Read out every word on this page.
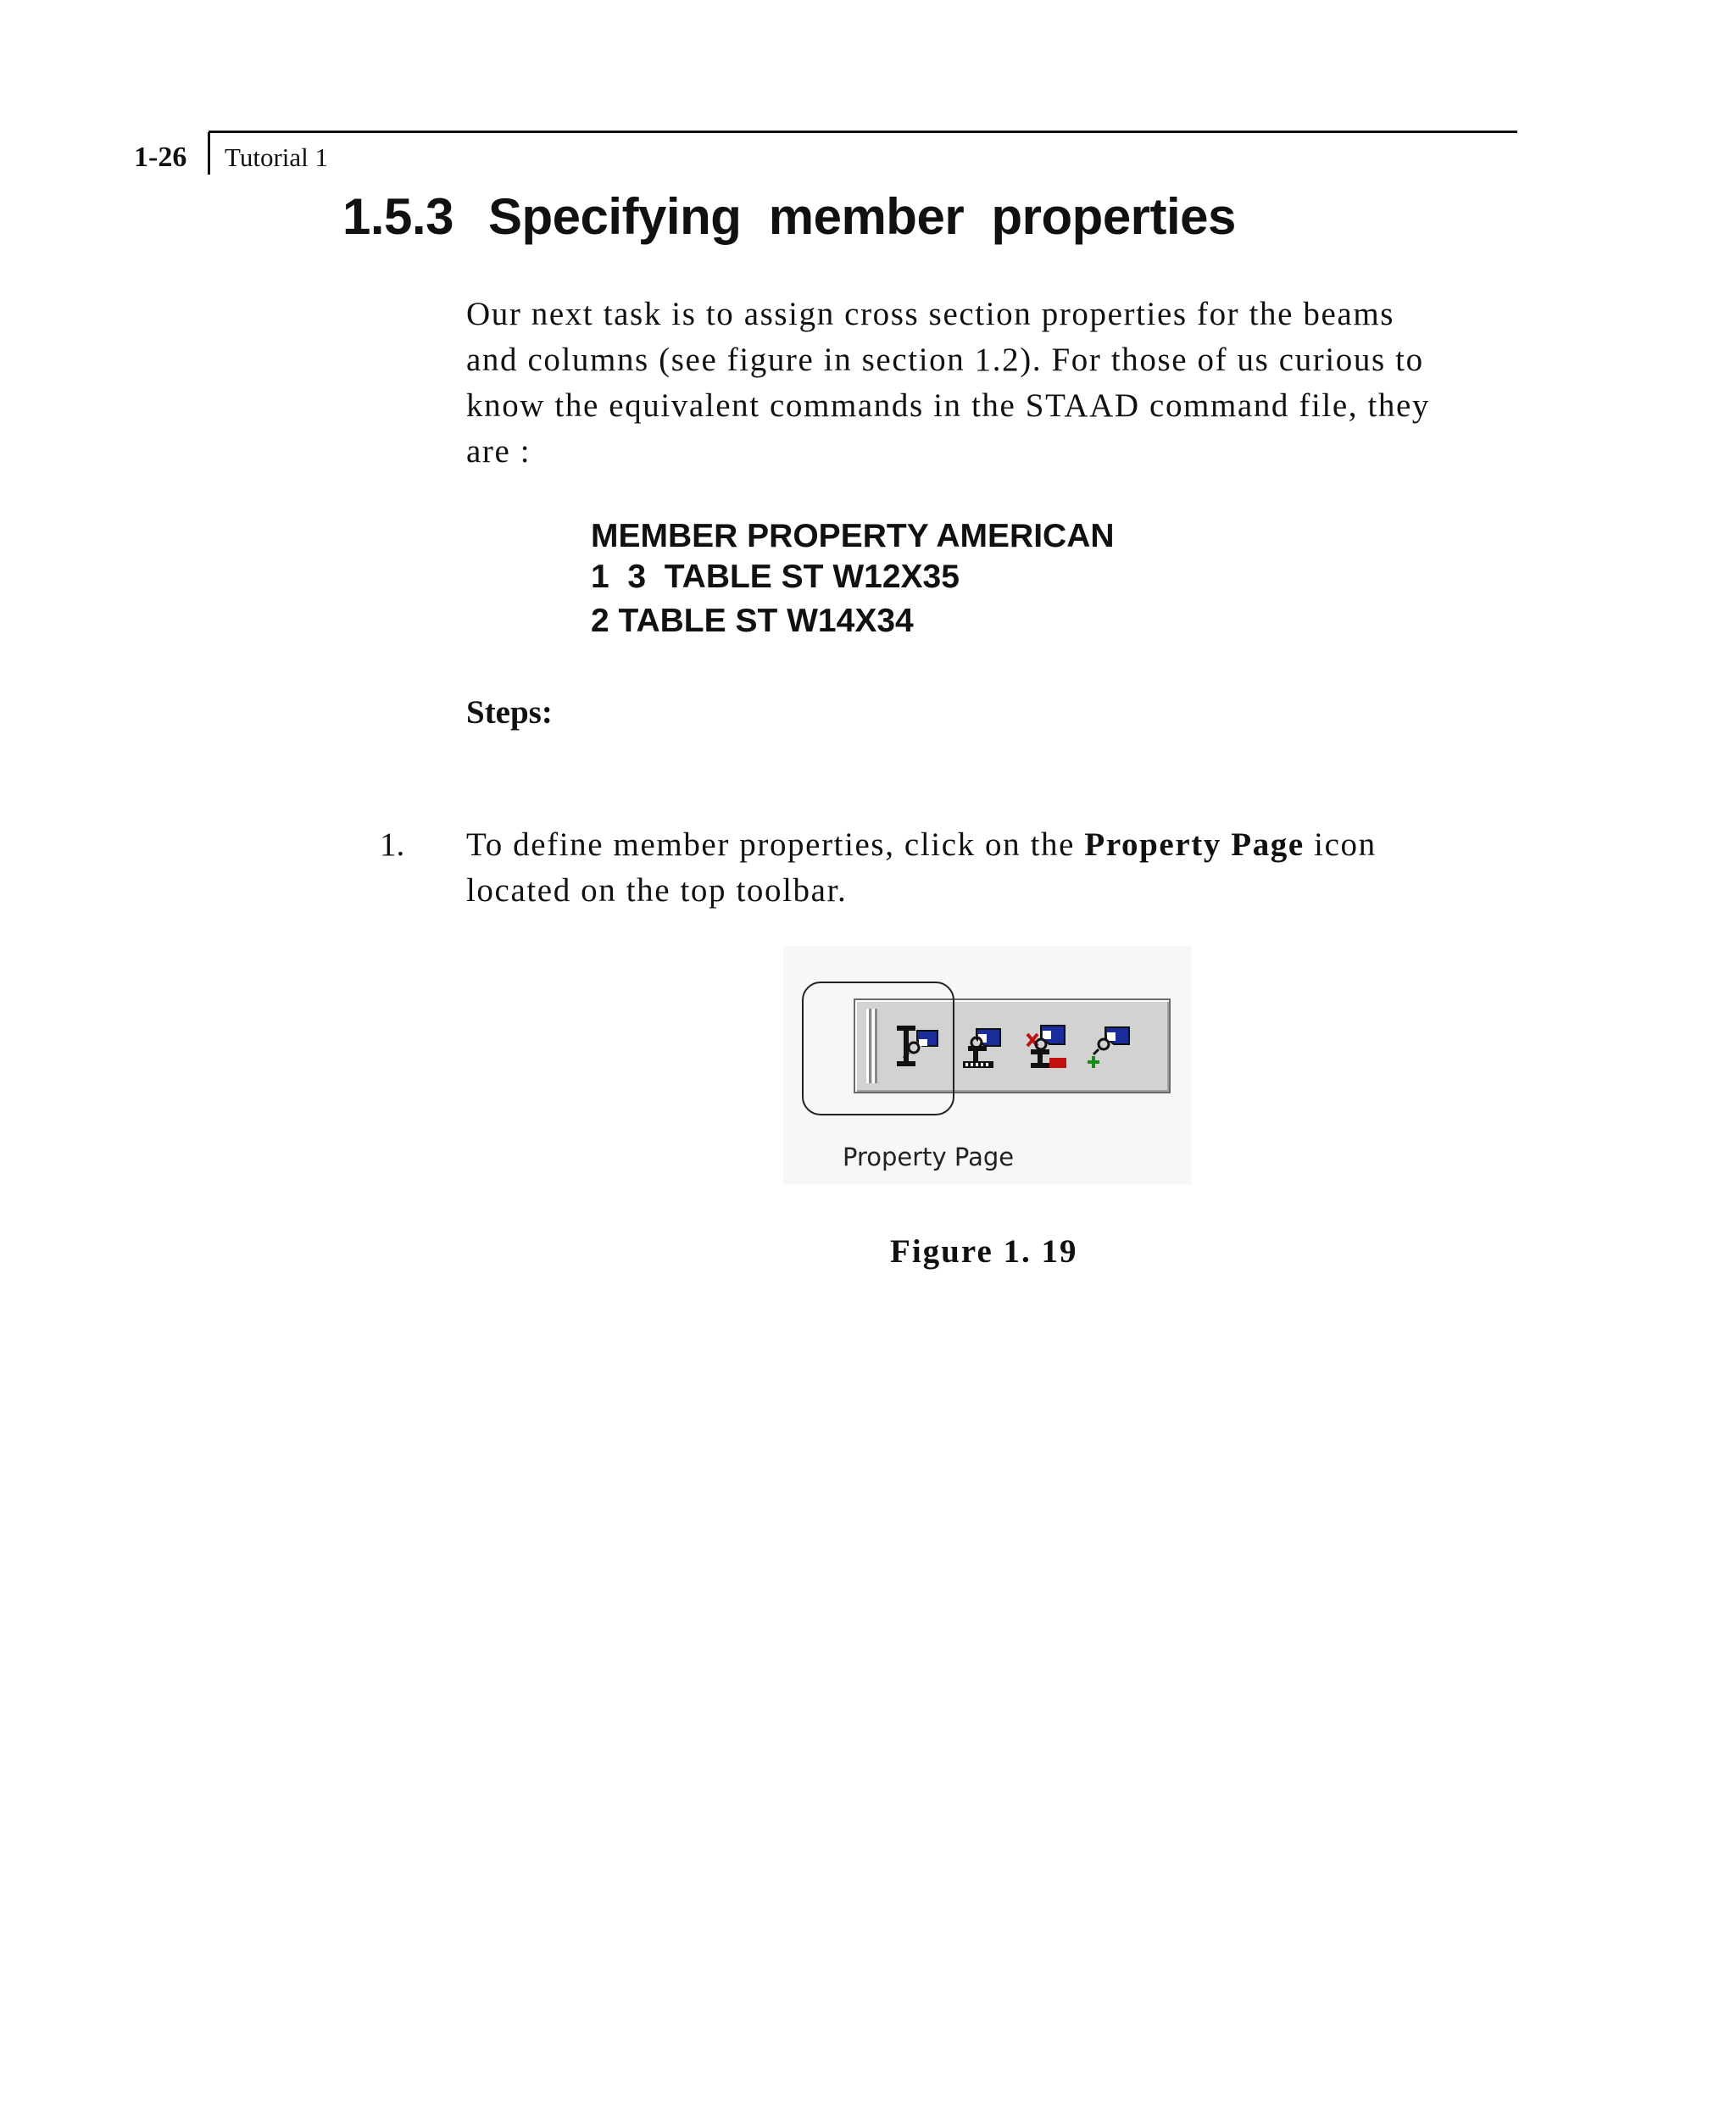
1-26 Tutorial 1
1.5.3 Specifying  member  properties
Our next task is to assign cross section properties for the beams
and columns (see figure in section 1.2). For those of us curious to
know the equivalent commands in the STAAD command file, they
are :
MEMBER PROPERTY AMERICAN
1  3  TABLE ST W12X35
2 TABLE ST W14X34
Steps:
1. To define member properties, click on the Property Page icon
located on the top toolbar.
Property Page
Figure 1. 19
